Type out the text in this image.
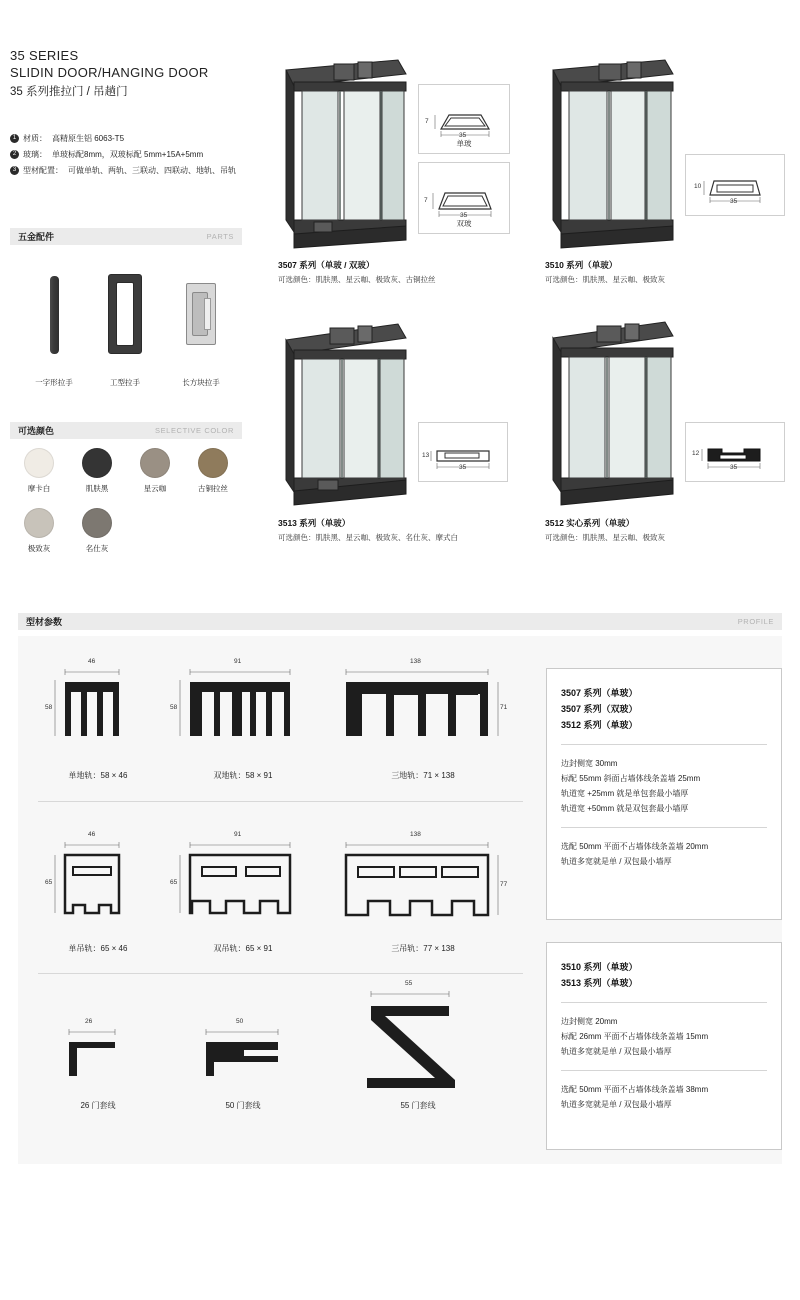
35 SERIES
SLIDIN DOOR/HANGING DOOR
35 系列推拉门 / 吊趟门
1 材质： 高精原生铝 6063-T5
2 玻璃： 单玻标配8mm，双玻标配 5mm+15A+5mm
3 型材配置： 可做单轨、两轨、三联动、四联动、地轨、吊轨
五金配件	PARTS
一字形拉手	工型拉手	长方块拉手
可选颜色	SELECTIVE COLOR
摩卡白	肌肤黑	星云咖	古铜拉丝
极致灰	名仕灰
35
7
单玻
35
7
双玻
3507 系列（单玻 / 双玻）
可选颜色：肌肤黑、星云咖、极致灰、古铜拉丝
35
10
3510 系列（单玻）
可选颜色：肌肤黑、星云咖、极致灰
35
13
3513 系列（单玻）
可选颜色：肌肤黑、星云咖、极致灰、名仕灰、摩式白
35
12
3512 实心系列（单玻）
可选颜色：肌肤黑、星云咖、极致灰
型材参数	PROFILE
46
58
单地轨：58 × 46
91
58
双地轨：58 × 91
138
71
三地轨：71 × 138
46
65
单吊轨：65 × 46
91
65
双吊轨：65 × 91
138
77
三吊轨：77 × 138
26
26 门套线
50
50 门套线
55
55 门套线
3507 系列（单玻）
3507 系列（双玻）
3512 系列（单玻）
边封侧宽 30mm
标配 55mm 斜面占墙体线条盖墙 25mm
轨道宽 +25mm 就是单包套最小墙厚
轨道宽 +50mm 就是双包套最小墙厚
选配 50mm 平面不占墙体线条盖墙 20mm
轨道多宽就是单 / 双包最小墙厚
3510 系列（单玻）
3513 系列（单玻）
边封侧宽 20mm
标配 26mm 平面不占墙体线条盖墙 15mm
轨道多宽就是单 / 双包最小墙厚
选配 50mm 平面不占墙体线条盖墙 38mm
轨道多宽就是单 / 双包最小墙厚
